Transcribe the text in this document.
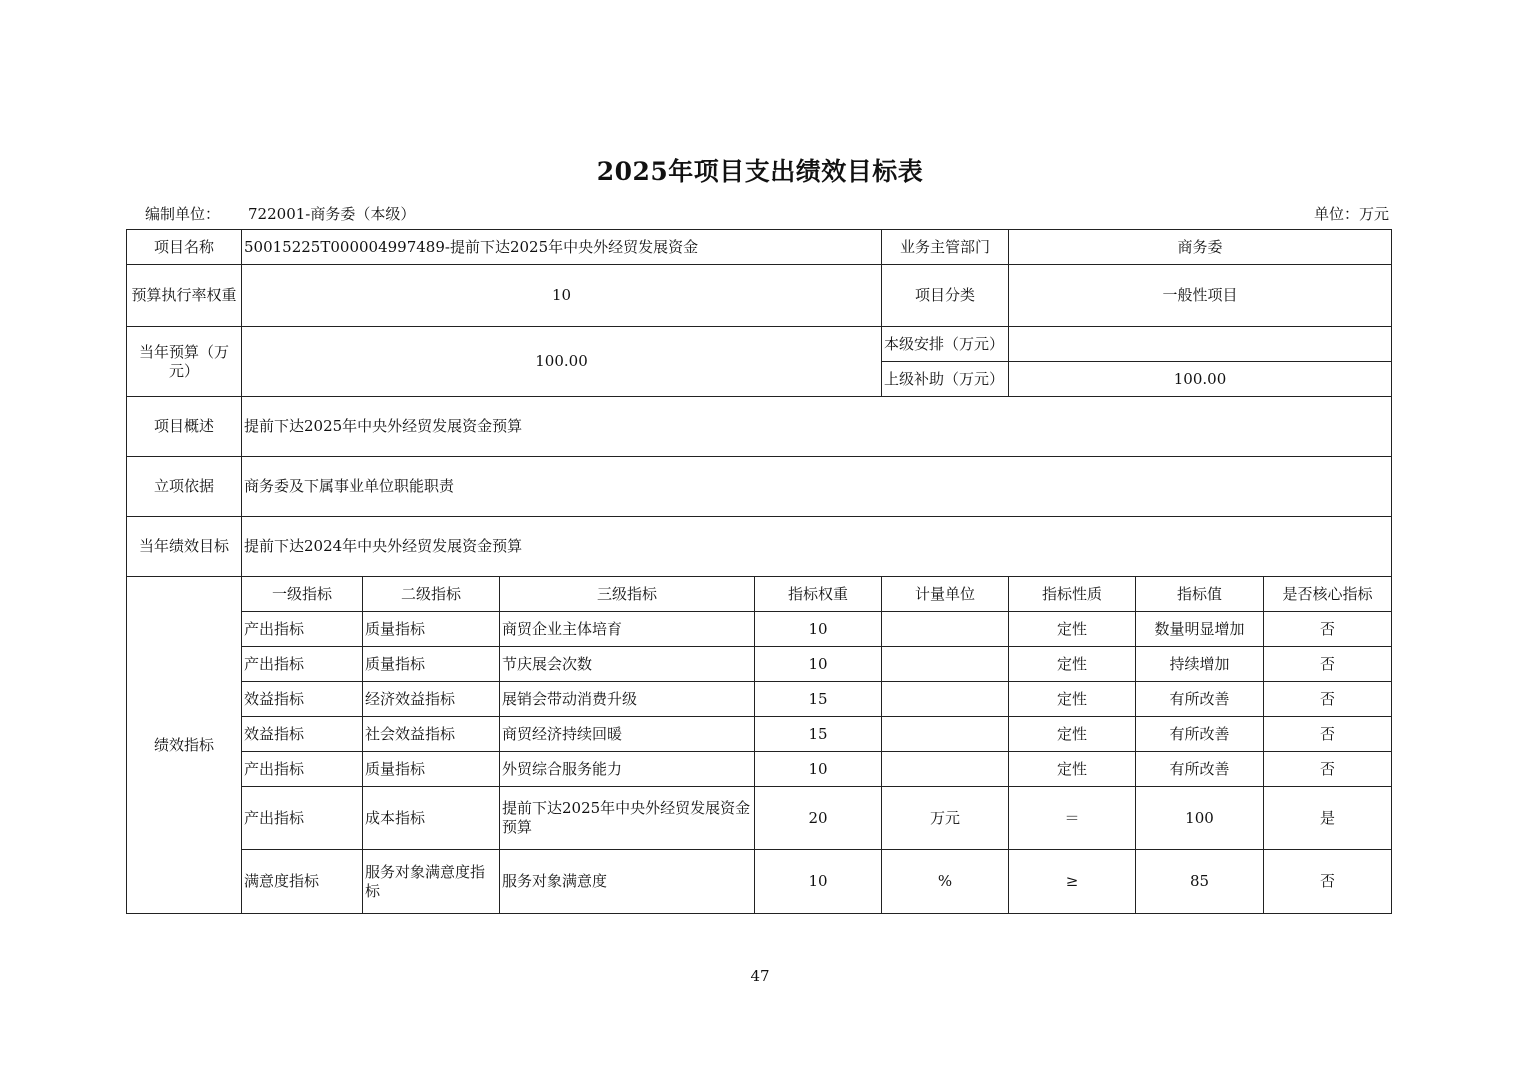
2025年项目支出绩效目标表
编制单位： 722001-商务委（本级）	单位：万元
项目名称	50015225T000004997489-提前下达2025年中央外经贸发展资金				业务主管部门	商务委		
预算执行率权重	10				项目分类	一般性项目		
当年预算（万元）	100.00				本级安排（万元）			
					上级补助（万元）	100.00		
项目概述	提前下达2025年中央外经贸发展资金预算							
立项依据	商务委及下属事业单位职能职责							
当年绩效目标	提前下达2024年中央外经贸发展资金预算							
绩效指标	一级指标	二级指标	三级指标	指标权重	计量单位	指标性质	指标值	是否核心指标
	产出指标	质量指标	商贸企业主体培育	10		定性	数量明显增加	否
	产出指标	质量指标	节庆展会次数	10		定性	持续增加	否
	效益指标	经济效益指标	展销会带动消费升级	15		定性	有所改善	否
	效益指标	社会效益指标	商贸经济持续回暖	15		定性	有所改善	否
	产出指标	质量指标	外贸综合服务能力	10		定性	有所改善	否
	产出指标	成本指标	提前下达2025年中央外经贸发展资金预算	20	万元	＝	100	是
	满意度指标	服务对象满意度指标	服务对象满意度	10	%	≥	85	否
47
